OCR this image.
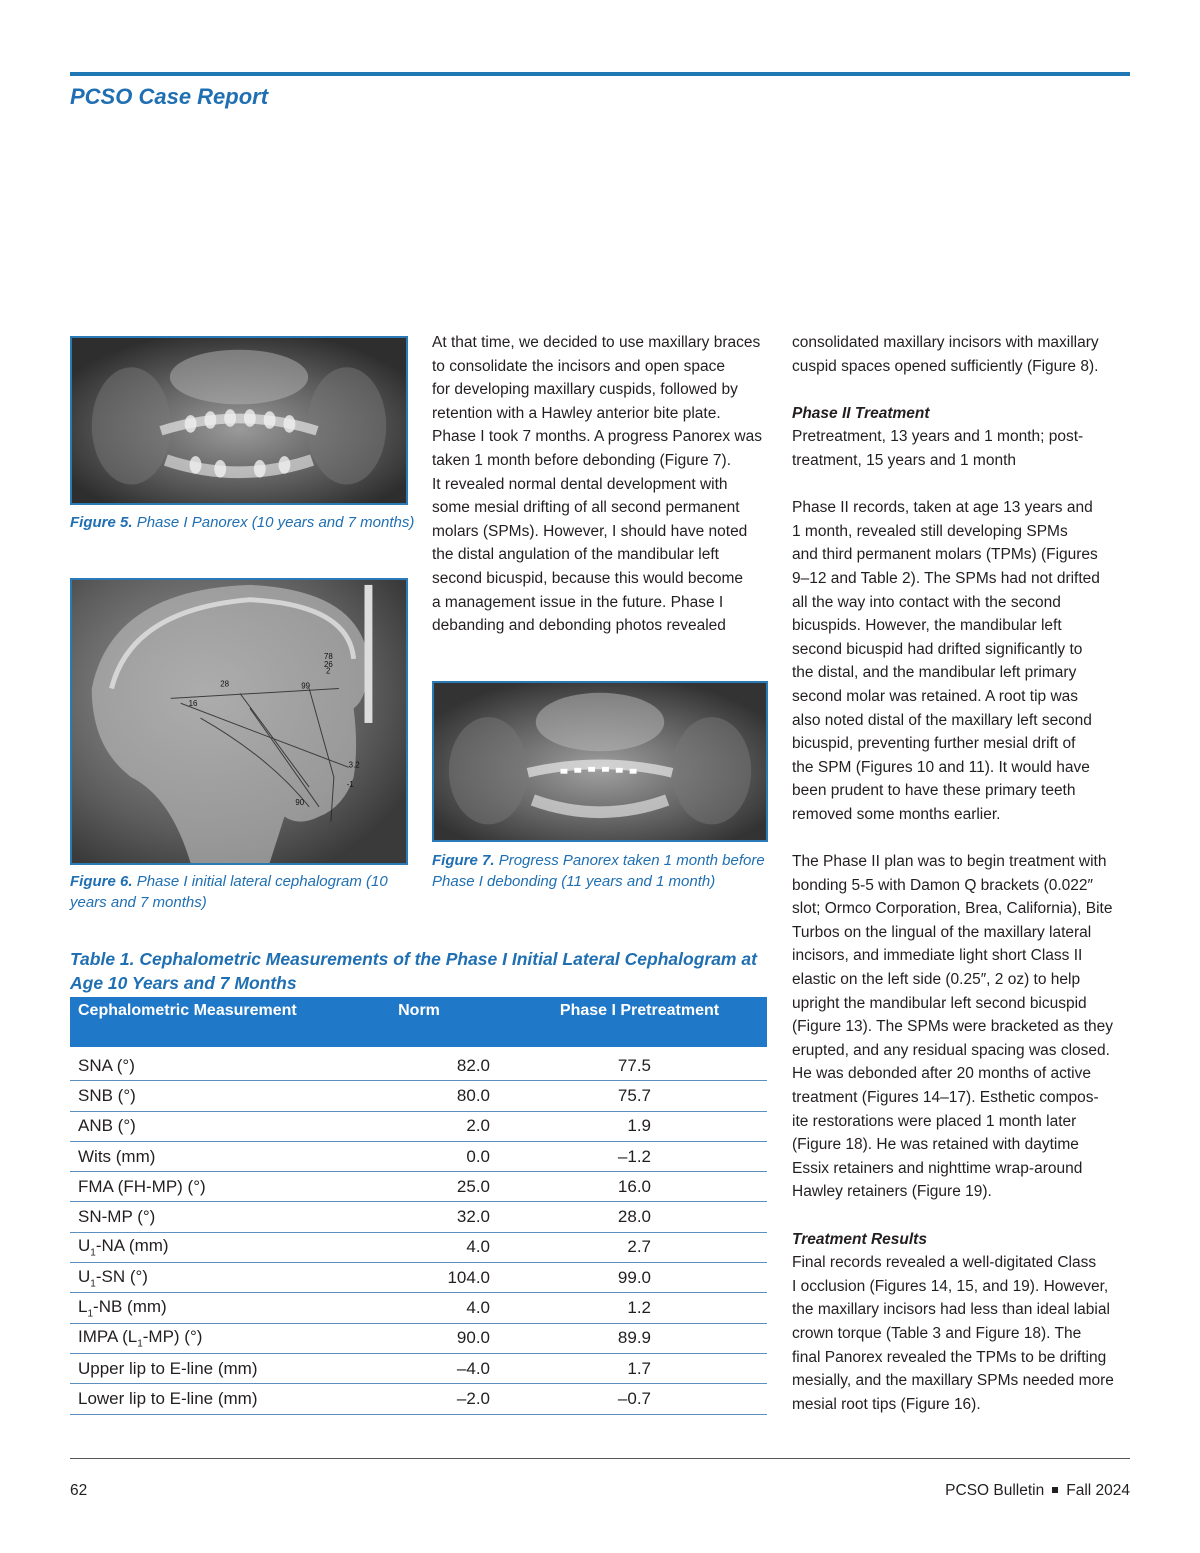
PCSO Case Report
Figure 5. Phase I Panorex (10 years and 7 months)
78
26
2
28	99
16
3.2
-1
90
Figure 6. Phase I initial lateral cephalogram (10 years and 7 months)

At that time, we decided to use maxillary braces

to consolidate the incisors and open space

for developing maxillary cuspids, followed by

retention with a Hawley anterior bite plate.

Phase I took 7 months. A progress Panorex was

taken 1 month before debonding (Figure 7).

It revealed normal dental development with

some mesial drifting of all second permanent

molars (SPMs). However, I should have noted

the distal angulation of the mandibular left

second bicuspid, because this would become

a management issue in the future. Phase I

debanding and debonding photos revealed

Figure 7. Progress Panorex taken 1 month before Phase I debonding (11 years and 1 month)

consolidated maxillary incisors with maxillary

cuspid spaces opened sufficiently (Figure 8).

Phase II Treatment

Pretreatment, 13 years and 1 month; post-

treatment, 15 years and 1 month

Phase II records, taken at age 13 years and

1 month, revealed still developing SPMs

and third permanent molars (TPMs) (Figures

9–12 and Table 2). The SPMs had not drifted

all the way into contact with the second

bicuspids. However, the mandibular left

second bicuspid had drifted significantly to

the distal, and the mandibular left primary

second molar was retained. A root tip was

also noted distal of the maxillary left second

bicuspid, preventing further mesial drift of

the SPM (Figures 10 and 11). It would have

been prudent to have these primary teeth

removed some months earlier.

The Phase II plan was to begin treatment with

bonding 5-5 with Damon Q brackets (0.022″

slot; Ormco Corporation, Brea, California), Bite

Turbos on the lingual of the maxillary lateral

incisors, and immediate light short Class II

elastic on the left side (0.25″, 2 oz) to help

upright the mandibular left second bicuspid

(Figure 13). The SPMs were bracketed as they

erupted, and any residual spacing was closed.

He was debonded after 20 months of active

treatment (Figures 14–17). Esthetic compos-

ite restorations were placed 1 month later

(Figure 18). He was retained with daytime

Essix retainers and nighttime wrap-around

Hawley retainers (Figure 19).

Treatment Results

Final records revealed a well-digitated Class

I occlusion (Figures 14, 15, and 19). However,

the maxillary incisors had less than ideal labial

crown torque (Table 3 and Figure 18). The

final Panorex revealed the TPMs to be drifting

mesially, and the maxillary SPMs needed more

mesial root tips (Figure 16).

Table 1. Cephalometric Measurements of the Phase I Initial Lateral Cephalogram at Age 10 Years and 7 Months
Cephalometric Measurement	Norm	Phase I Pretreatment
SNA (°)	82.0	77.5
SNB (°)	80.0	75.7
ANB (°)	2.0	1.9
Wits (mm)	0.0	–1.2
FMA (FH-MP) (°)	25.0	16.0
SN-MP (°)	32.0	28.0
$U_1-NA$ (mm)	4.0	2.7
$U_1-SN$ (°)	104.0	99.0
$L_1-NB$ (mm)	4.0	1.2
IMPA $(L_1-MP)$ (°)	90.0	89.9
Upper lip to E-line (mm)	–4.0	1.7
Lower lip to E-line (mm)	–2.0	–0.7
62	PCSO Bulletin Fall 2024
